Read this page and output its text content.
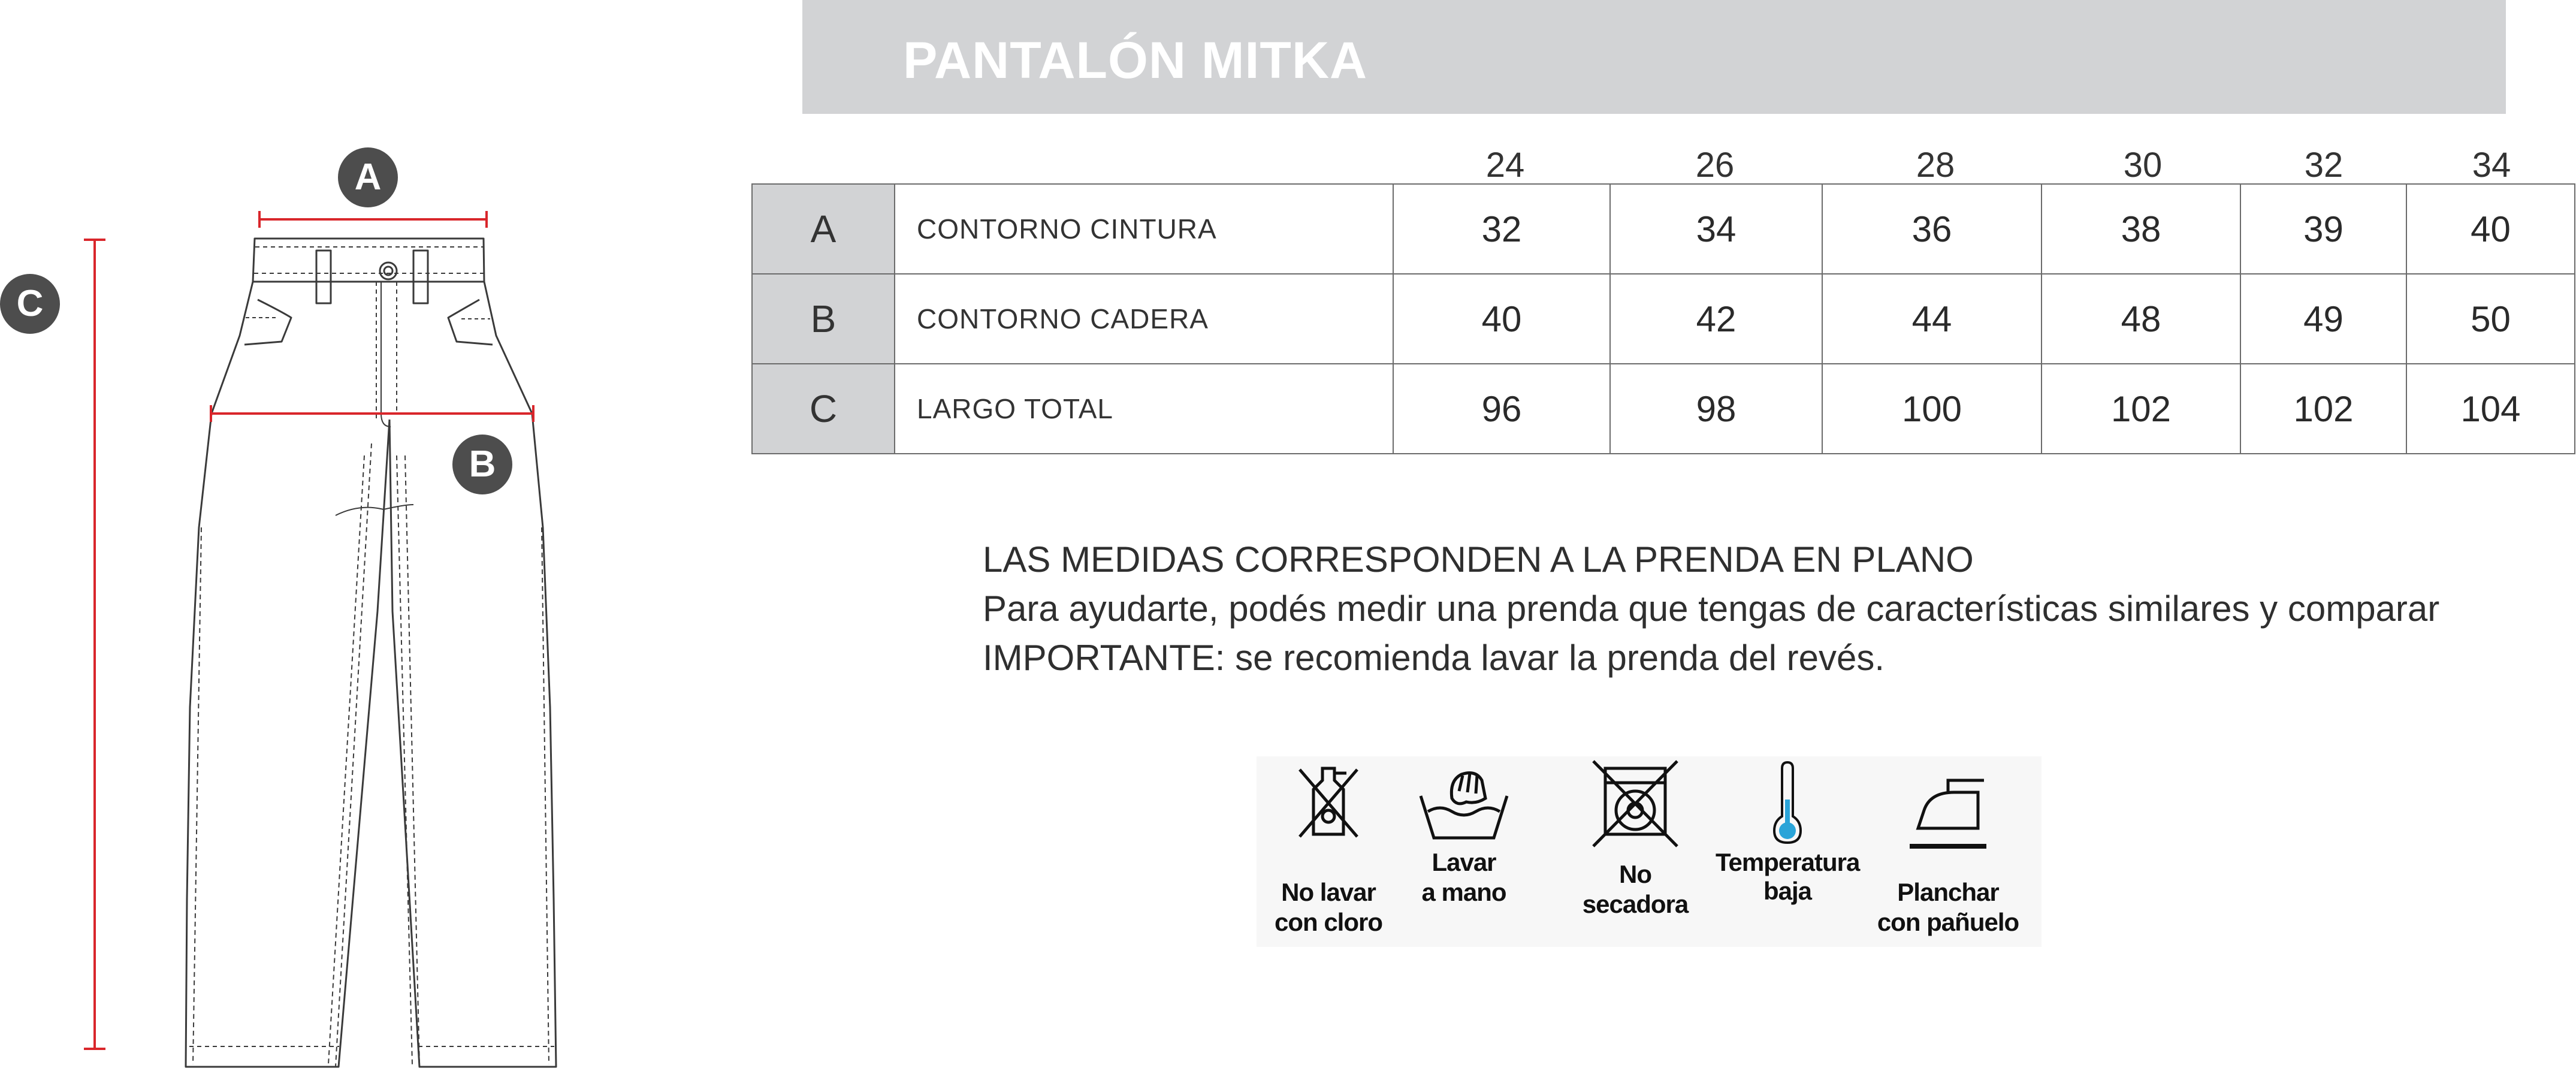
A
B
C
PANTALÓN MITKA
24	26	28	30	32	34
A	CONTORNO CINTURA	32	34	36	38	39	40
B	CONTORNO CADERA	40	42	44	48	49	50
C	LARGO TOTAL	96	98	100	102	102	104
LAS MEDIDAS CORRESPONDEN A LA PRENDA EN PLANO
Para ayudarte, podés medir una prenda que tengas de características similares y comparar
IMPORTANTE: se recomienda lavar la prenda del revés.
No lavar
con cloro
Lavar
a mano
No
secadora
Temperatura
baja	Planchar
con pañuelo
